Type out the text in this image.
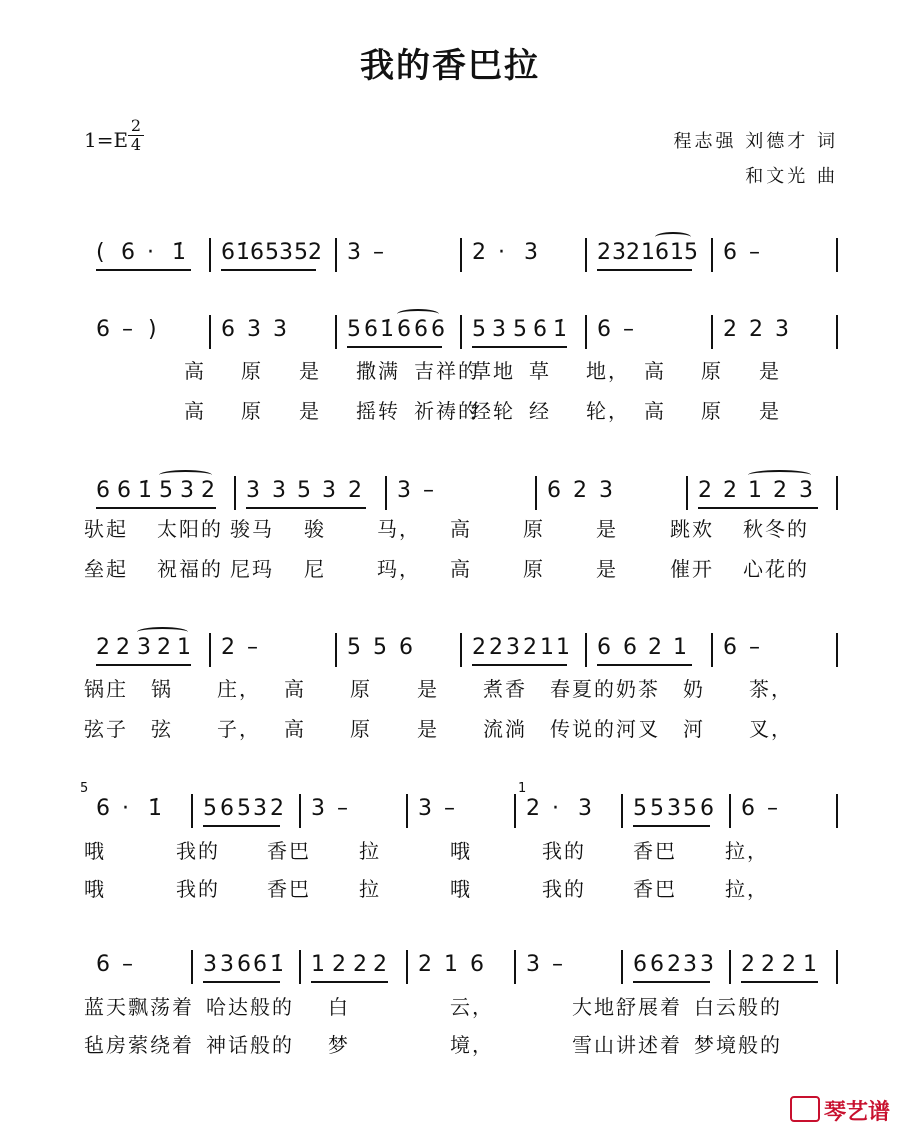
我的香巴拉
1=E
2
4	程志强 刘德才 词
和文光 曲
( 6 · 1̇ 6 1̇ 6 5 3 5 2 3 –	2 · 3	2 3 2 1 6 1 5 6 –
6 – )	6 3 3	5 6 1̇ 6 6 6 5 3 5 6 1̇ 6 –	2 2 3
高 原 是 撒满 吉祥的
草地 草 地， 高 原 是
高 原 是 摇转 祈祷的
经轮 经 轮， 高 原 是
6 6 1̇ 5 3 2 3 3 5 3 2 3 –	6 2 3	2 2 1 2 3
驮起 太阳的 骏马 骏	马， 高	原	是	跳欢 秋冬的
垒起 祝福的 尼玛 尼	玛， 高	原	是	催开 心花的
2 2 3 2 1 2 –	5 5 6	2 2 3 2 1 1 6 6 2 1 6 –
锅庄 锅 庄， 高 原 是 煮香 春夏的 奶茶 奶 茶，
弦子 弦 子， 高 原 是 流淌 传说的 河叉 河 叉，
6 · 1̇ 5 6 5 3 2 3 –	3 –	2 · 3 5 5 3 5 6 6 –
5	1
哦	我的 香巴 拉	哦	我的 香巴 拉，
哦	我的 香巴 拉	哦	我的 香巴 拉，
6 –	3 3 6 6 1̇ 1 2 2 2 2 1 6 3 –	6 6 2 3 3 2 2 2 1
蓝天飘荡着 哈达般的 白	云，	大地舒展着 白云般的
毡房萦绕着 神话般的 梦	境，	雪山讲述着 梦境般的
琴艺谱
